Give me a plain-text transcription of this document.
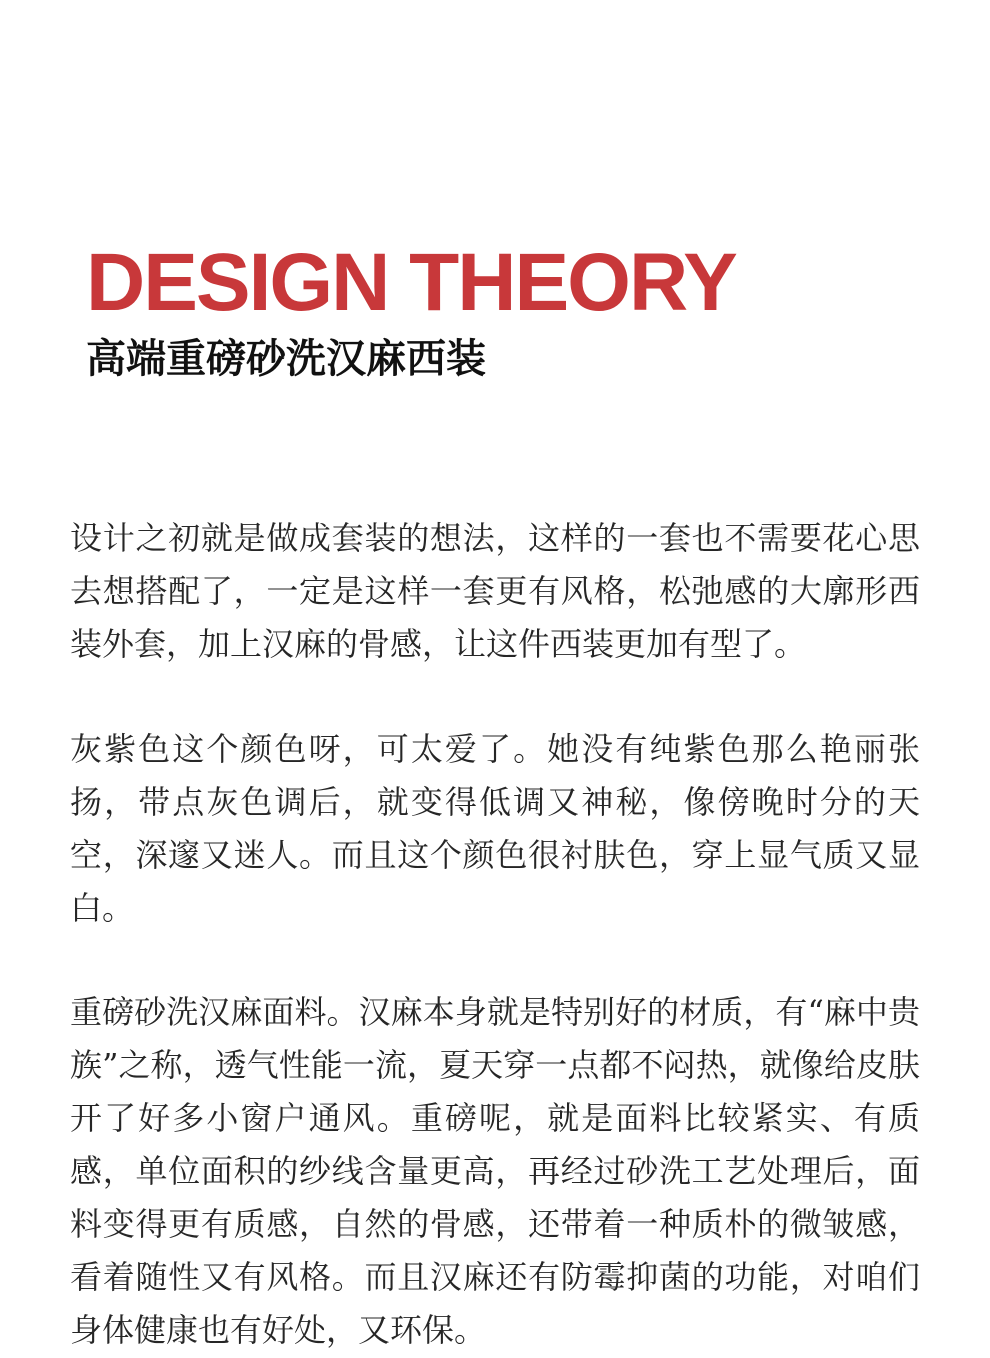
DESIGN THEORY
高端重磅砂洗汉麻西装

设计之初就是做成套装的想法，这样的一套也不需要花心思去想搭配了，一定是这样一套更有风格，松弛感的大廓形西装外套，加上汉麻的骨感，让这件西装更加有型了。

灰紫色这个颜色呀，可太爱了。她没有纯紫色那么艳丽张扬，带点灰色调后，就变得低调又神秘，像傍晚时分的天空，深邃又迷人。而且这个颜色很衬肤色，穿上显气质又显白。

重磅砂洗汉麻面料。汉麻本身就是特别好的材质，有“麻中贵族”之称，透气性能一流，夏天穿一点都不闷热，就像给皮肤开了好多小窗户通风。重磅呢，就是面料比较紧实、有质感，单位面积的纱线含量更高，再经过砂洗工艺处理后，面料变得更有质感，自然的骨感，还带着一种质朴的微皱感，看着随性又有风格。而且汉麻还有防霉抑菌的功能，对咱们身体健康也有好处，又环保。
